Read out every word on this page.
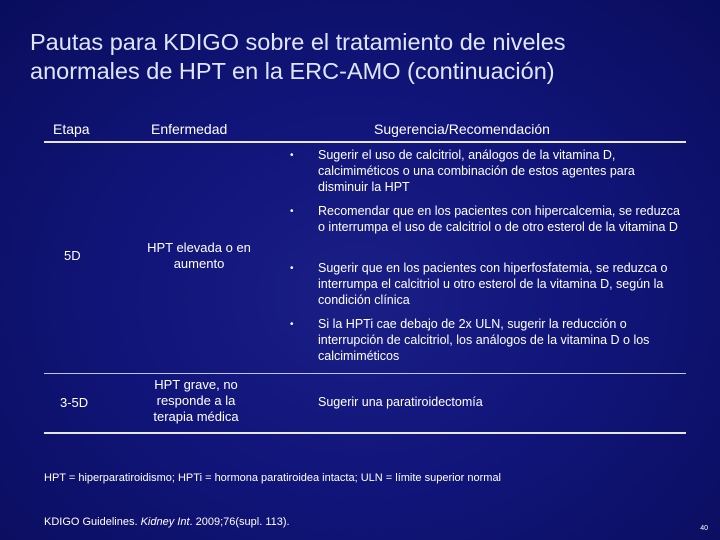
Pautas para KDIGO sobre el tratamiento de niveles
anormales de HPT en la ERC-AMO (continuación)
Etapa	Enfermedad	Sugerencia/Recomendación
5D
HPT elevada o en aumento
• Sugerir el uso de calcitriol, análogos de la vitamina D, calcimiméticos o una combinación de estos agentes para disminuir la HPT
• Recomendar que en los pacientes con hipercalcemia, se reduzca o interrumpa el uso de calcitriol o de otro esterol de la vitamina D
• Sugerir que en los pacientes con hiperfosfatemia, se reduzca o interrumpa el calcitriol u otro esterol de la vitamina D, según la condición clínica
• Si la HPTi cae debajo de 2x ULN, sugerir la reducción o interrupción de calcitriol, los análogos de la vitamina D o los calcimiméticos
3-5D
HPT grave, no responde a la terapia médica
Sugerir una paratiroidectomía
HPT = hiperparatiroidismo; HPTi = hormona paratiroidea intacta; ULN = límite superior normal
KDIGO Guidelines. Kidney Int. 2009;76(supl. 113).
40
